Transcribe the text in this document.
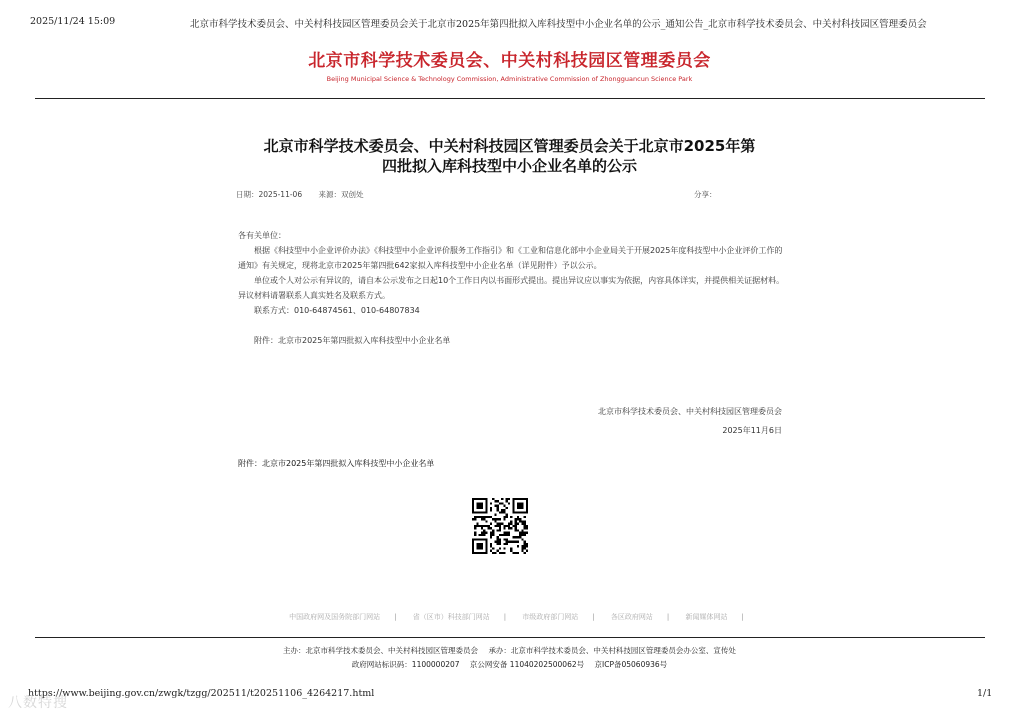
2025/11/24 15:09	北京市科学技术委员会、中关村科技园区管理委员会关于北京市2025年第四批拟入库科技型中小企业名单的公示_通知公告_北京市科学技术委员会、中关村科技园区管理委员会
北京市科学技术委员会、中关村科技园区管理委员会
Beijing Municipal Science & Technology Commission, Administrative Commission of Zhongguancun Science Park
北京市科学技术委员会、中关村科技园区管理委员会关于北京市2025年第
四批拟入库科技型中小企业名单的公示
日期：2025-11-06 来源：双创处	分享：

各有关单位：

根据《科技型中小企业评价办法》《科技型中小企业评价服务工作指引》和《工业和信息化部中小企业局关于开展2025年度科技型中小企业评价工作的通知》有关规定，现将北京市2025年第四批642家拟入库科技型中小企业名单（详见附件）予以公示。

单位或个人对公示有异议的，请自本公示发布之日起10个工作日内以书面形式提出。提出异议应以事实为依据，内容具体详实，并提供相关证据材料。异议材料请署联系人真实姓名及联系方式。

联系方式：010-64874561、010-64807834

附件：北京市2025年第四批拟入库科技型中小企业名单

北京市科学技术委员会、中关村科技园区管理委员会
2025年11月6日
附件：北京市2025年第四批拟入库科技型中小企业名单
中国政府网及国务院部门网站 | 省（区市）科技部门网站 | 市级政府部门网站 | 各区政府网站 | 新闻媒体网站 |
主办：北京市科学技术委员会、中关村科技园区管理委员会 承办：北京市科学技术委员会、中关村科技园区管理委员会办公室、宣传处
政府网站标识码：1100000207 京公网安备 11040202500062号 京ICP备05060936号
https://www.beijing.gov.cn/zwgk/tzgg/202511/t20251106_4264217.html	1/1
八数特搜
